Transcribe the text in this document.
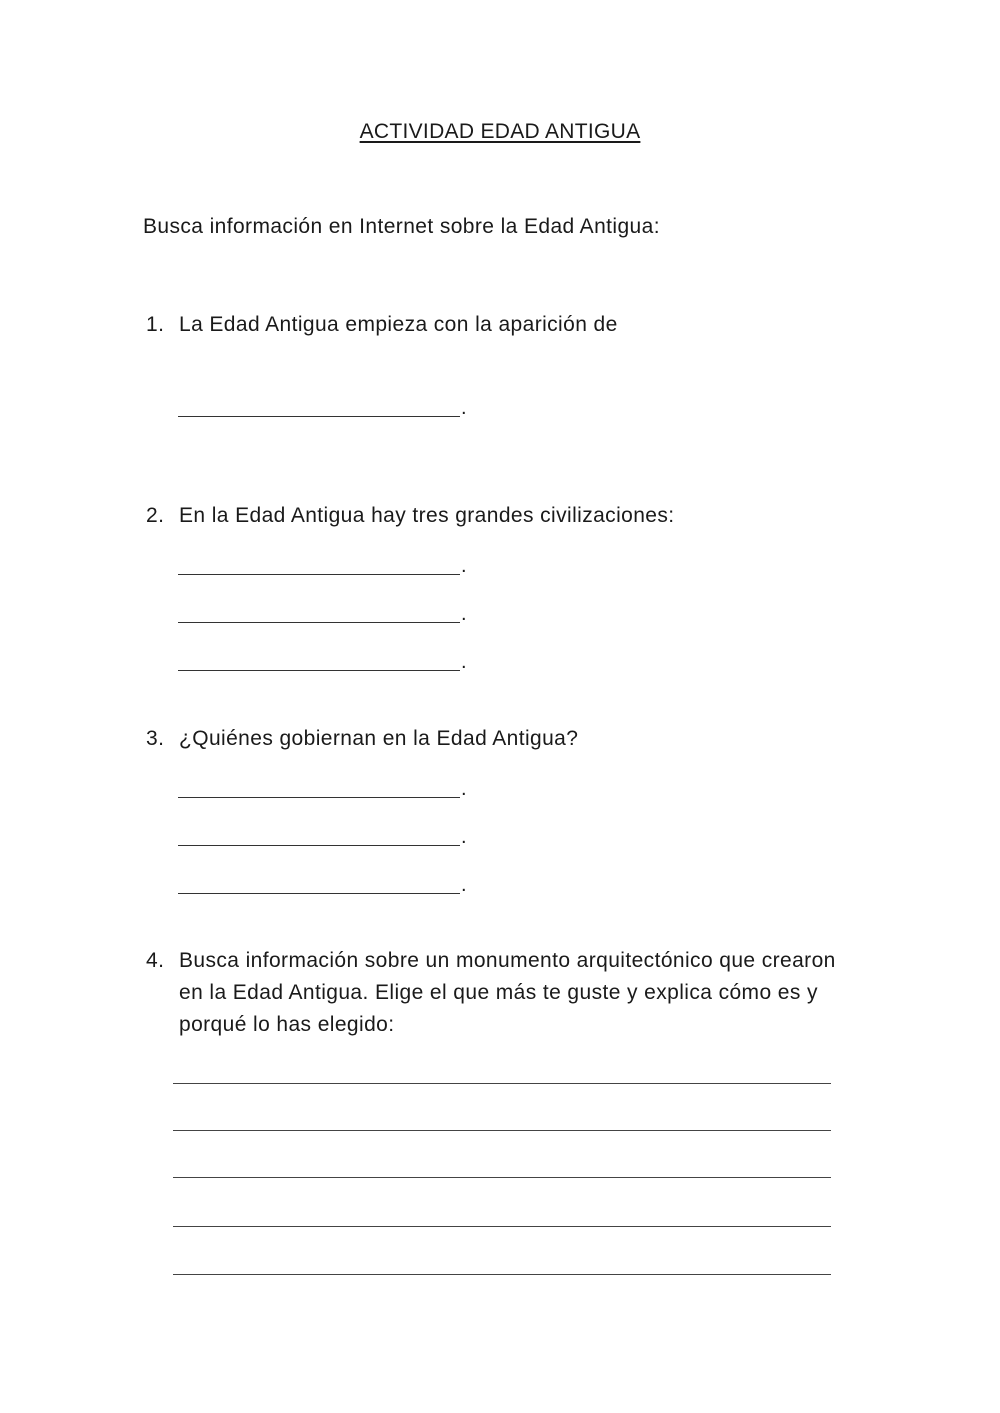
ACTIVIDAD EDAD ANTIGUA
Busca información en Internet sobre la Edad Antigua:
1. La Edad Antigua empieza con la aparición de
.
2. En la Edad Antigua hay tres grandes civilizaciones:
.
.
.
3. ¿Quiénes gobiernan en la Edad Antigua?
.
.
.
4. Busca información sobre un monumento arquitectónico que crearon en la Edad Antigua. Elige el que más te guste y explica cómo es y porqué lo has elegido:
